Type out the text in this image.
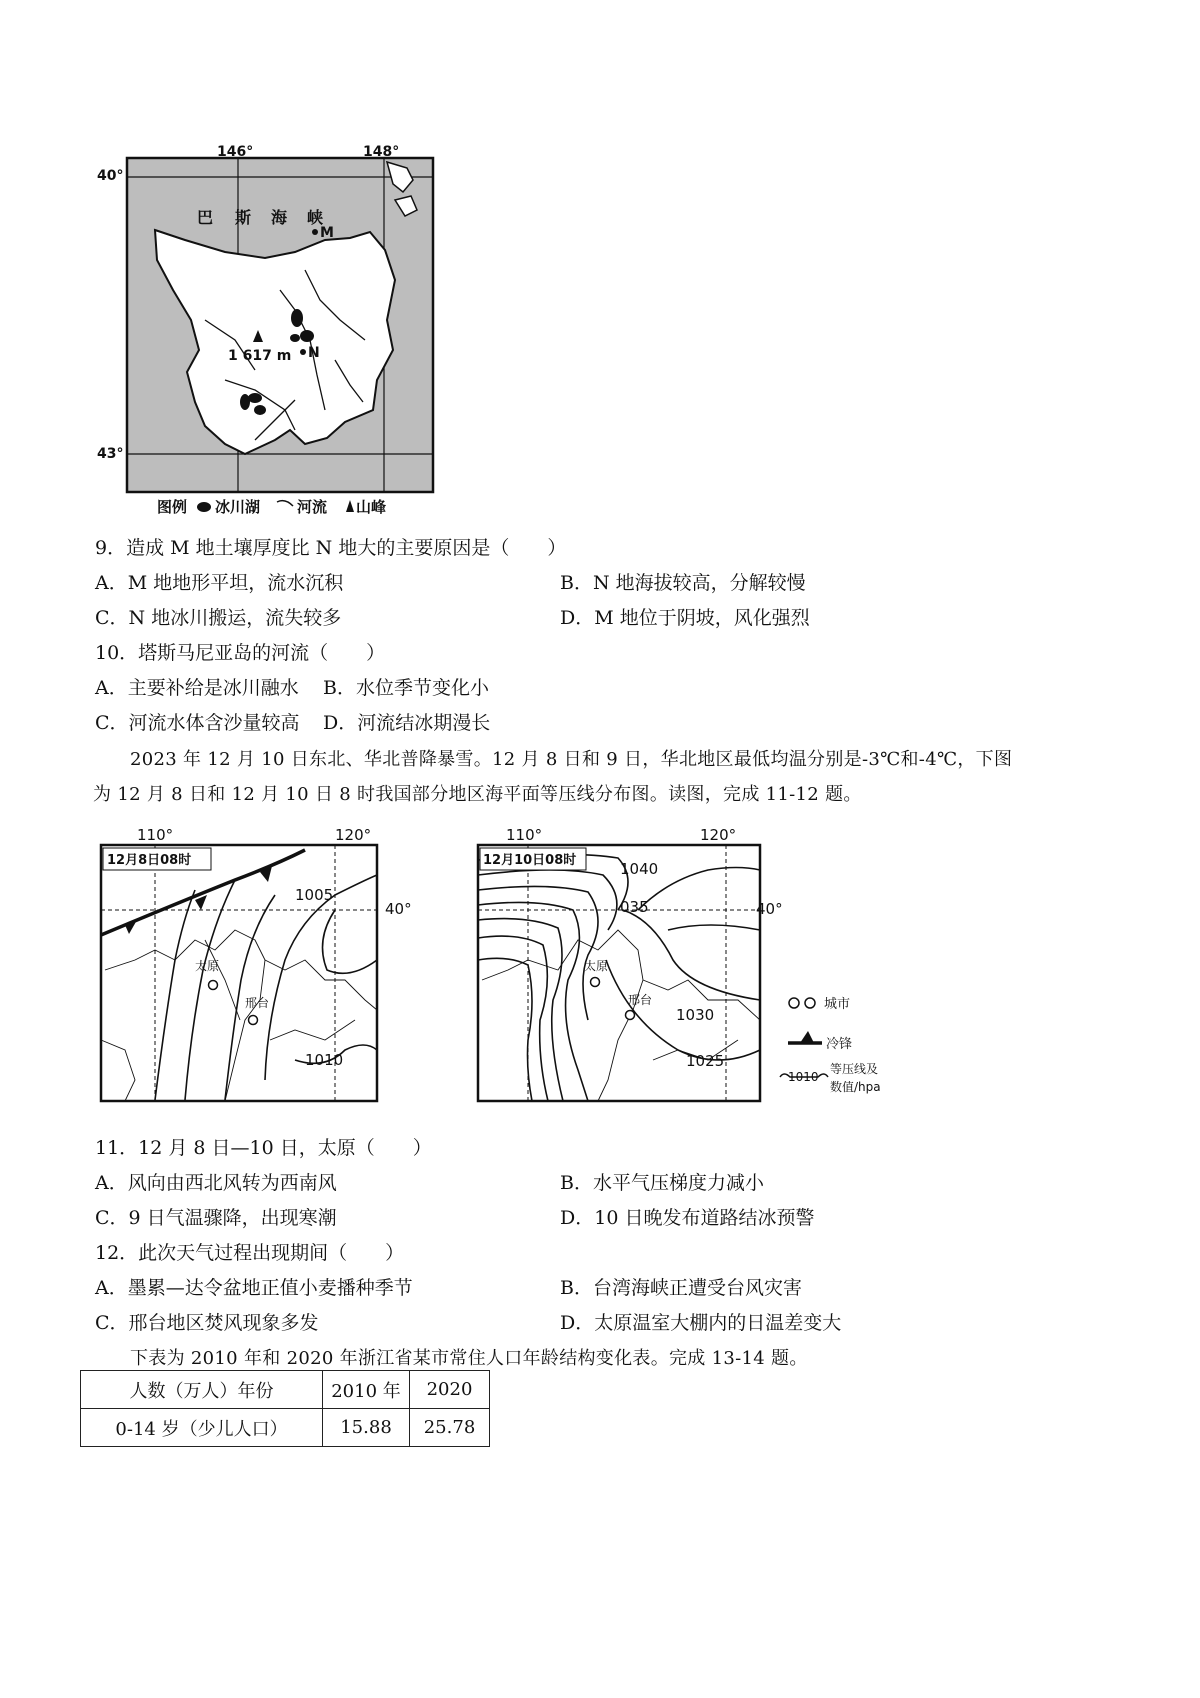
146°	148°
40°
43°
巴 斯 海 峡
M
N
1 617 m
图例 冰川湖 河流 山峰
9．造成 M 地土壤厚度比 N 地大的主要原因是（　　）
A．M 地地形平坦，流水沉积	B．N 地海拔较高，分解较慢
C．N 地冰川搬运，流失较多	D．M 地位于阴坡，风化强烈
10．塔斯马尼亚岛的河流（　　）
A．主要补给是冰川融水 B．水位季节变化小
C．河流水体含沙量较高 D．河流结冰期漫长
2023 年 12 月 10 日东北、华北普降暴雪。12 月 8 日和 9 日，华北地区最低均温分别是-3℃和-4℃，下图
为 12 月 8 日和 12 月 10 日 8 时我国部分地区海平面等压线分布图。读图，完成 11-12 题。
110°	120°
40°
12月8日08时
太原
邢台
1005
1010
110°	120°
40°
12月10日08时
太原
邢台
1040
035
1030
1025
城市
冷锋
1010
等压线及
数值/hpa
11．12 月 8 日—10 日，太原（　　）
A．风向由西北风转为西南风	B．水平气压梯度力减小
C．9 日气温骤降，出现寒潮	D．10 日晚发布道路结冰预警
12．此次天气过程出现期间（　　）
A．墨累—达令盆地正值小麦播种季节	B．台湾海峡正遭受台风灾害
C．邢台地区焚风现象多发	D．太原温室大棚内的日温差变大
下表为 2010 年和 2020 年浙江省某市常住人口年龄结构变化表。完成 13-14 题。
人数（万人）年份	2010 年	2020
0-14 岁（少儿人口）	15.88	25.78
